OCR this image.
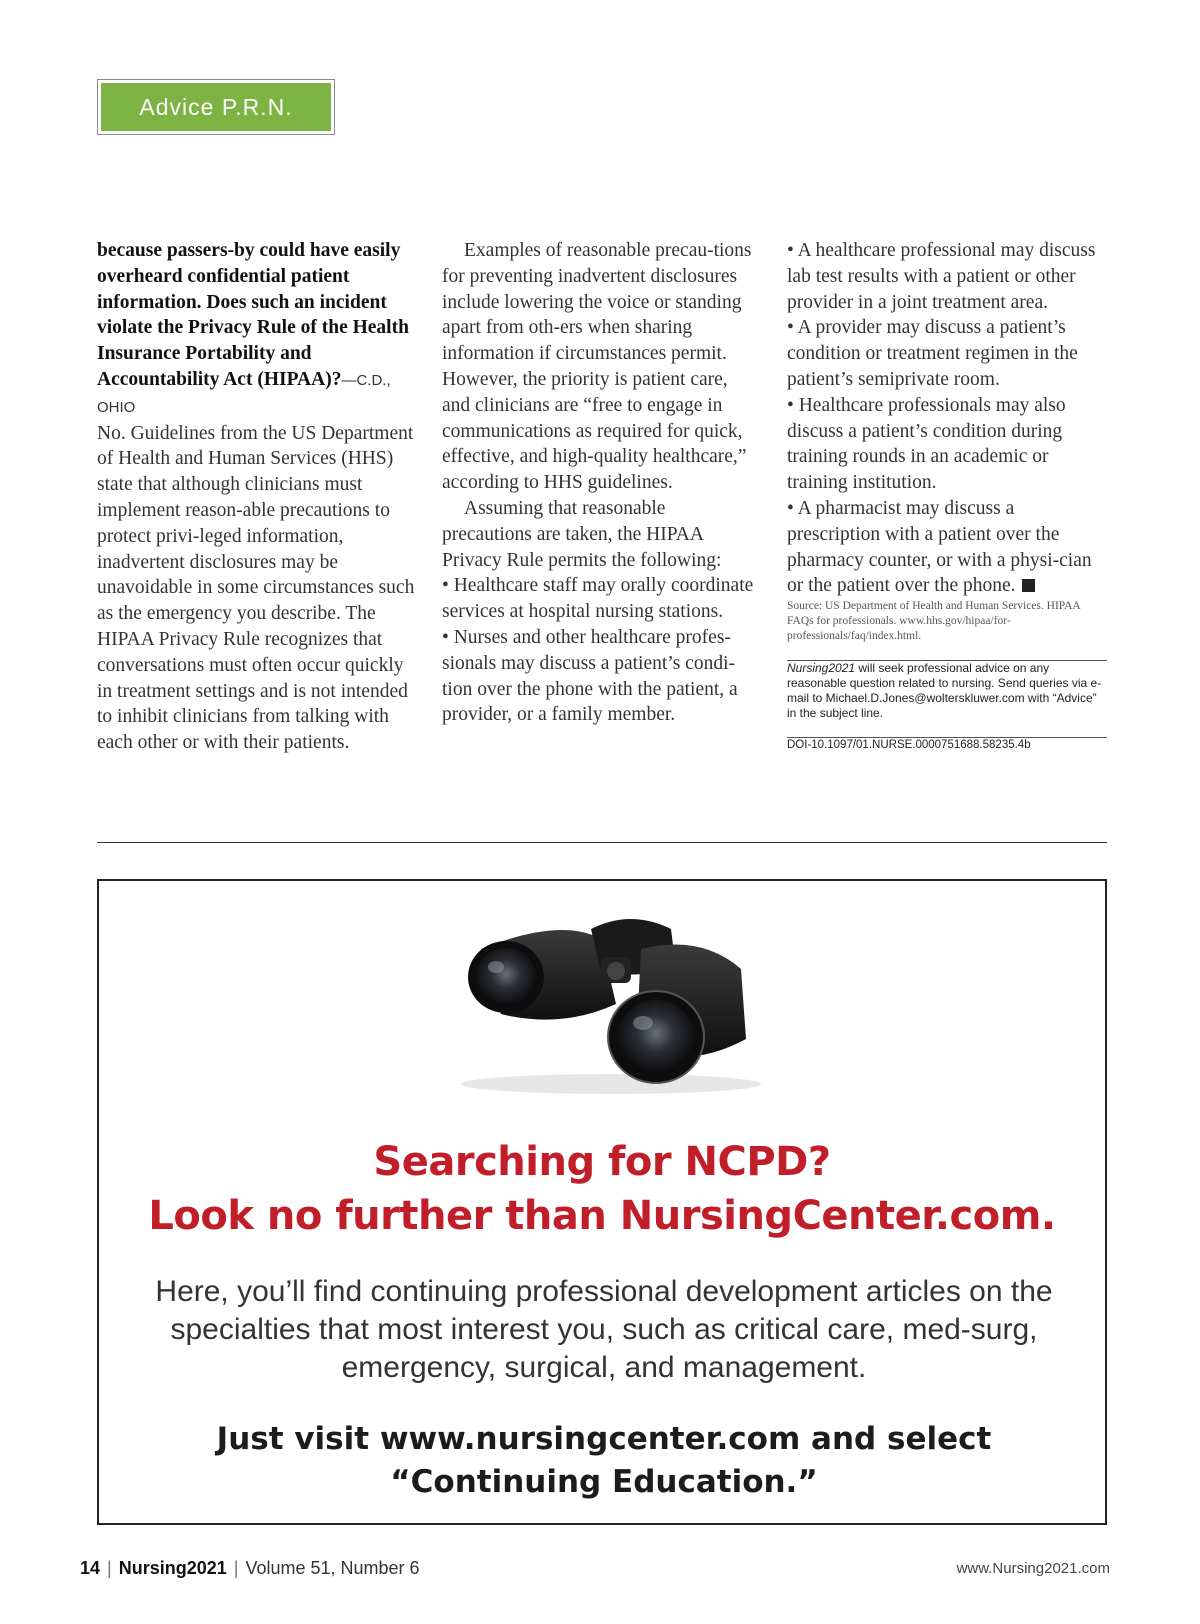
Advice P.R.N.

because passers-by could have easily overheard confidential patient information. Does such an incident violate the Privacy Rule of the Health Insurance Portability and Accountability Act (HIPAA)?—C.D., OHIO

No. Guidelines from the US Department of Health and Human Services (HHS) state that although clinicians must implement reason-able precautions to protect privi-leged information, inadvertent disclosures may be unavoidable in some circumstances such as the emergency you describe. The HIPAA Privacy Rule recognizes that conversations must often occur quickly in treatment settings and is not intended to inhibit clinicians from talking with each other or with their patients.

Examples of reasonable precau-tions for preventing inadvertent disclosures include lowering the voice or standing apart from oth-ers when sharing information if circumstances permit. However, the priority is patient care, and clinicians are “free to engage in communications as required for quick, effective, and high-quality healthcare,” according to HHS guidelines.

Assuming that reasonable precautions are taken, the HIPAA Privacy Rule permits the following:

• Healthcare staff may orally coordinate services at hospital nursing stations.

• Nurses and other healthcare profes-sionals may discuss a patient’s condi-tion over the phone with the patient, a provider, or a family member.

• A healthcare professional may discuss lab test results with a patient or other provider in a joint treatment area.

• A provider may discuss a patient’s condition or treatment regimen in the patient’s semiprivate room.

• Healthcare professionals may also discuss a patient’s condition during training rounds in an academic or training institution.

• A pharmacist may discuss a prescription with a patient over the pharmacy counter, or with a physi-cian or the patient over the phone.

Source: US Department of Health and Human Services. HIPAA FAQs for professionals. www.hhs.gov/hipaa/for-professionals/faq/index.html.

Nursing2021 will seek professional advice on any reasonable question related to nursing. Send queries via e-mail to Michael.D.Jones@wolterskluwer.com with “Advice” in the subject line.

DOI-10.1097/01.NURSE.0000751688.58235.4b

Searching for NCPD?
Look no further than NursingCenter.com.
Here, you’ll find continuing professional development articles on the specialties that most interest you, such as critical care, med-surg, emergency, surgical, and management.
Just visit www.nursingcenter.com and select
“Continuing Education.”
14 | Nursing2021 | Volume 51, Number 6	www.Nursing2021.com
